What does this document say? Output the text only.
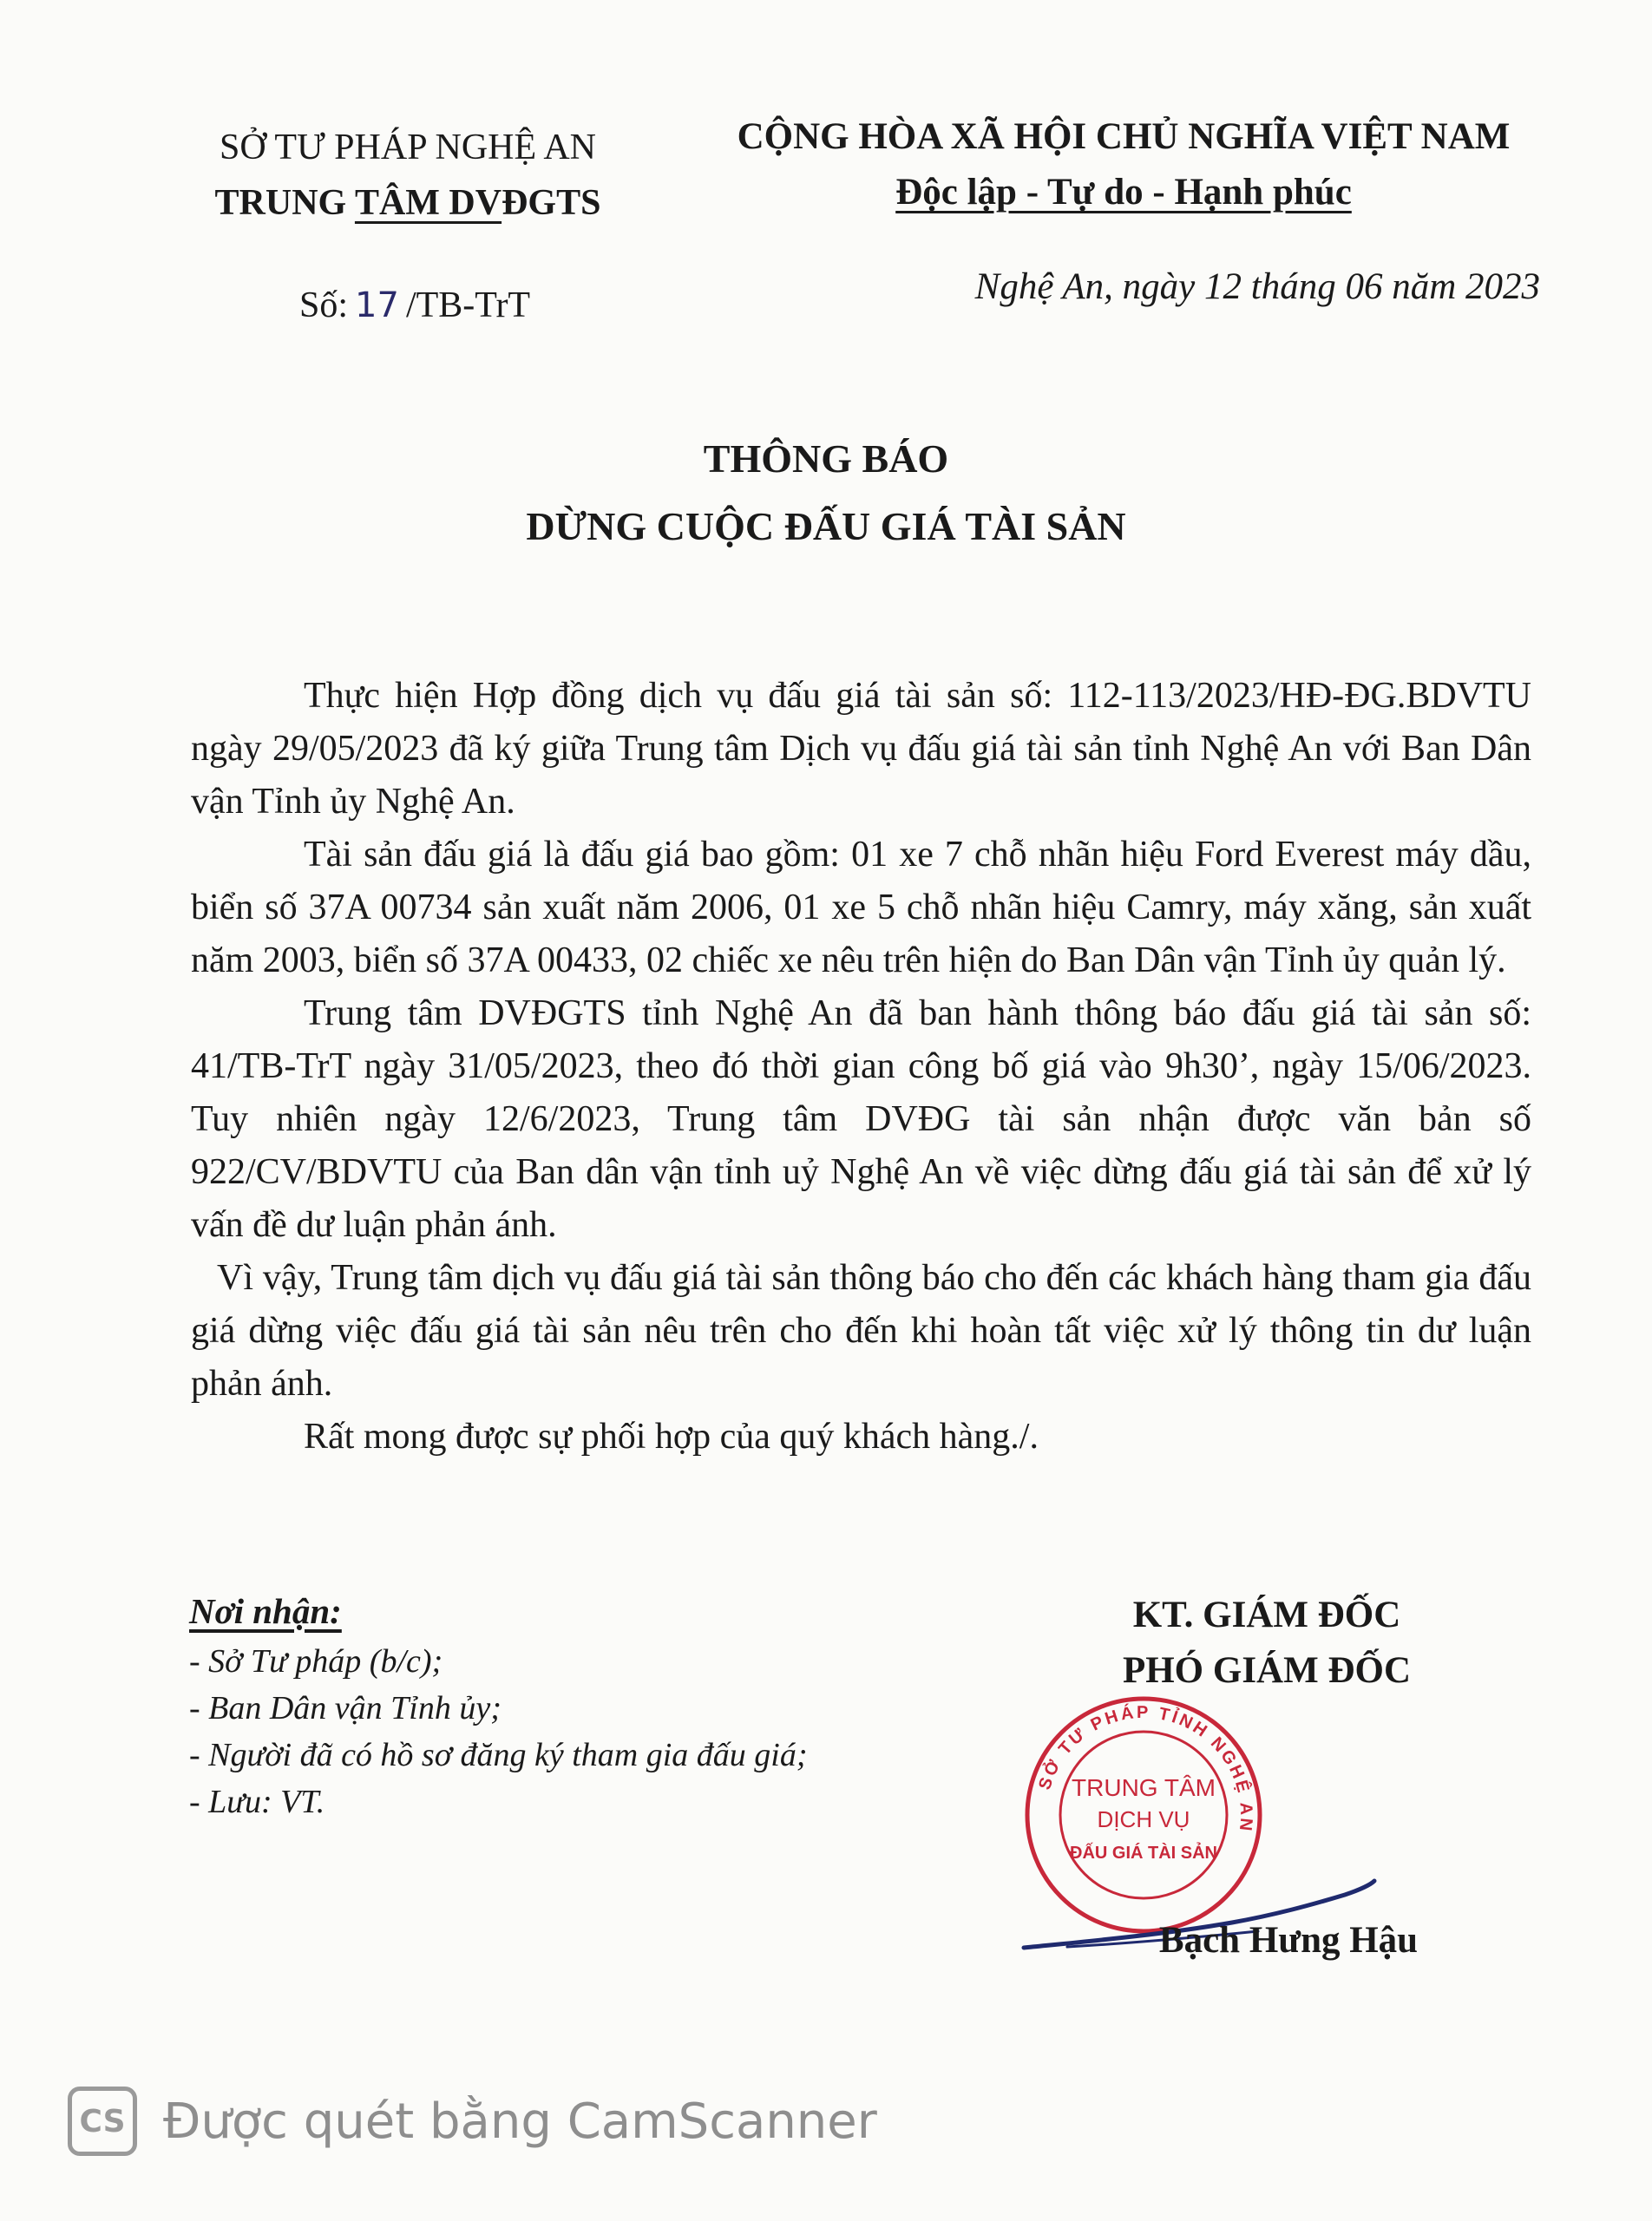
SỞ TƯ PHÁP NGHỆ AN
TRUNG TÂM DVĐGTS
CỘNG HÒA XÃ HỘI CHỦ NGHĨA VIỆT NAM
Độc lập - Tự do - Hạnh phúc
Số: 17 /TB-TrT	Nghệ An, ngày 12 tháng 06 năm 2023
THÔNG BÁO
DỪNG CUỘC ĐẤU GIÁ TÀI SẢN

Thực hiện Hợp đồng dịch vụ đấu giá tài sản số: 112-113/2023/HĐ-ĐG.BDVTU ngày 29/05/2023 đã ký giữa Trung tâm Dịch vụ đấu giá tài sản tỉnh Nghệ An với Ban Dân vận Tỉnh ủy Nghệ An.

Tài sản đấu giá là đấu giá bao gồm: 01 xe 7 chỗ nhãn hiệu Ford Everest máy dầu, biển số 37A 00734 sản xuất năm 2006, 01 xe 5 chỗ nhãn hiệu Camry, máy xăng, sản xuất năm 2003, biển số 37A 00433, 02 chiếc xe nêu trên hiện do Ban Dân vận Tỉnh ủy quản lý.

Trung tâm DVĐGTS tỉnh Nghệ An đã ban hành thông báo đấu giá tài sản số: 41/TB-TrT ngày 31/05/2023, theo đó thời gian công bố giá vào 9h30’, ngày 15/06/2023. Tuy nhiên ngày 12/6/2023, Trung tâm DVĐG tài sản nhận được văn bản số 922/CV/BDVTU của Ban dân vận tỉnh uỷ Nghệ An về việc dừng đấu giá tài sản để xử lý vấn đề dư luận phản ánh.

Vì vậy, Trung tâm dịch vụ đấu giá tài sản thông báo cho đến các khách hàng tham gia đấu giá dừng việc đấu giá tài sản nêu trên cho đến khi hoàn tất việc xử lý thông tin dư luận phản ánh.

Rất mong được sự phối hợp của quý khách hàng./.

Nơi nhận:
- Sở Tư pháp (b/c);
- Ban Dân vận Tỉnh ủy;
- Người đã có hồ sơ đăng ký tham gia đấu giá;
- Lưu: VT.
KT. GIÁM ĐỐC
PHÓ GIÁM ĐỐC
SỞ TƯ PHÁP TỈNH NGHỆ AN
TRUNG TÂM
DỊCH VỤ
ĐẤU GIÁ TÀI SẢN
Bạch Hưng Hậu
CS Được quét bằng CamScanner
